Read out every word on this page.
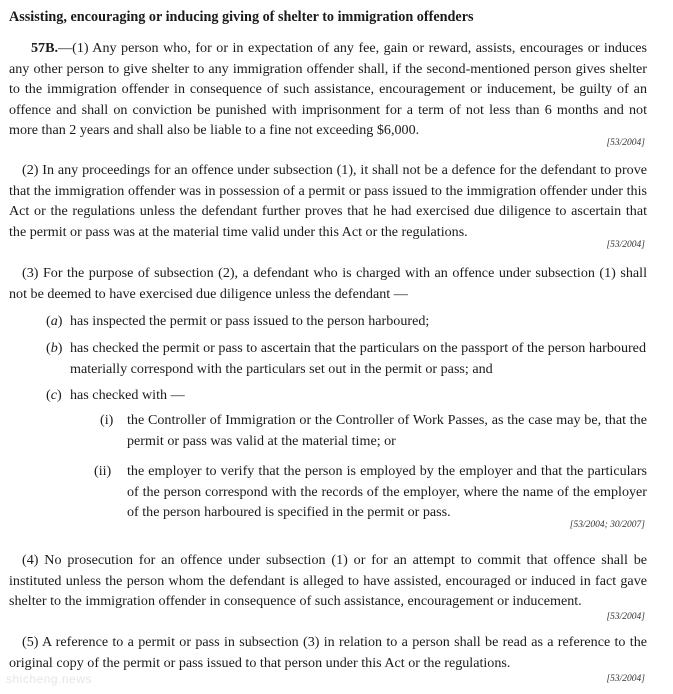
Assisting, encouraging or inducing giving of shelter to immigration offenders

57B.—(1) Any person who, for or in expectation of any fee, gain or reward, assists, encourages or induces any other person to give shelter to any immigration offender shall, if the second-mentioned person gives shelter to the immigration offender in consequence of such assistance, encouragement or inducement, be guilty of an offence and shall on conviction be punished with imprisonment for a term of not less than 6 months and not more than 2 years and shall also be liable to a fine not exceeding $6,000.

[53/2004]

(2) In any proceedings for an offence under subsection (1), it shall not be a defence for the defendant to prove that the immigration offender was in possession of a permit or pass issued to the immigration offender under this Act or the regulations unless the defendant further proves that he had exercised due diligence to ascertain that the permit or pass was at the material time valid under this Act or the regulations.

[53/2004]

(3) For the purpose of subsection (2), a defendant who is charged with an offence under subsection (1) shall not be deemed to have exercised due diligence unless the defendant —

(a) has inspected the permit or pass issued to the person harboured;

(b) has checked the permit or pass to ascertain that the particulars on the passport of the person harboured materially correspond with the particulars set out in the permit or pass; and

(c) has checked with —

(i) the Controller of Immigration or the Controller of Work Passes, as the case may be, that the permit or pass was valid at the material time; or

(ii) the employer to verify that the person is employed by the employer and that the particulars of the person correspond with the records of the employer, where the name of the employer of the person harboured is specified in the permit or pass.

[53/2004; 30/2007]

(4) No prosecution for an offence under subsection (1) or for an attempt to commit that offence shall be instituted unless the person whom the defendant is alleged to have assisted, encouraged or induced in fact gave shelter to the immigration offender in consequence of such assistance, encouragement or inducement.

[53/2004]

(5) A reference to a permit or pass in subsection (3) in relation to a person shall be read as a reference to the original copy of the permit or pass issued to that person under this Act or the regulations.

[53/2004]
shicheng.news
